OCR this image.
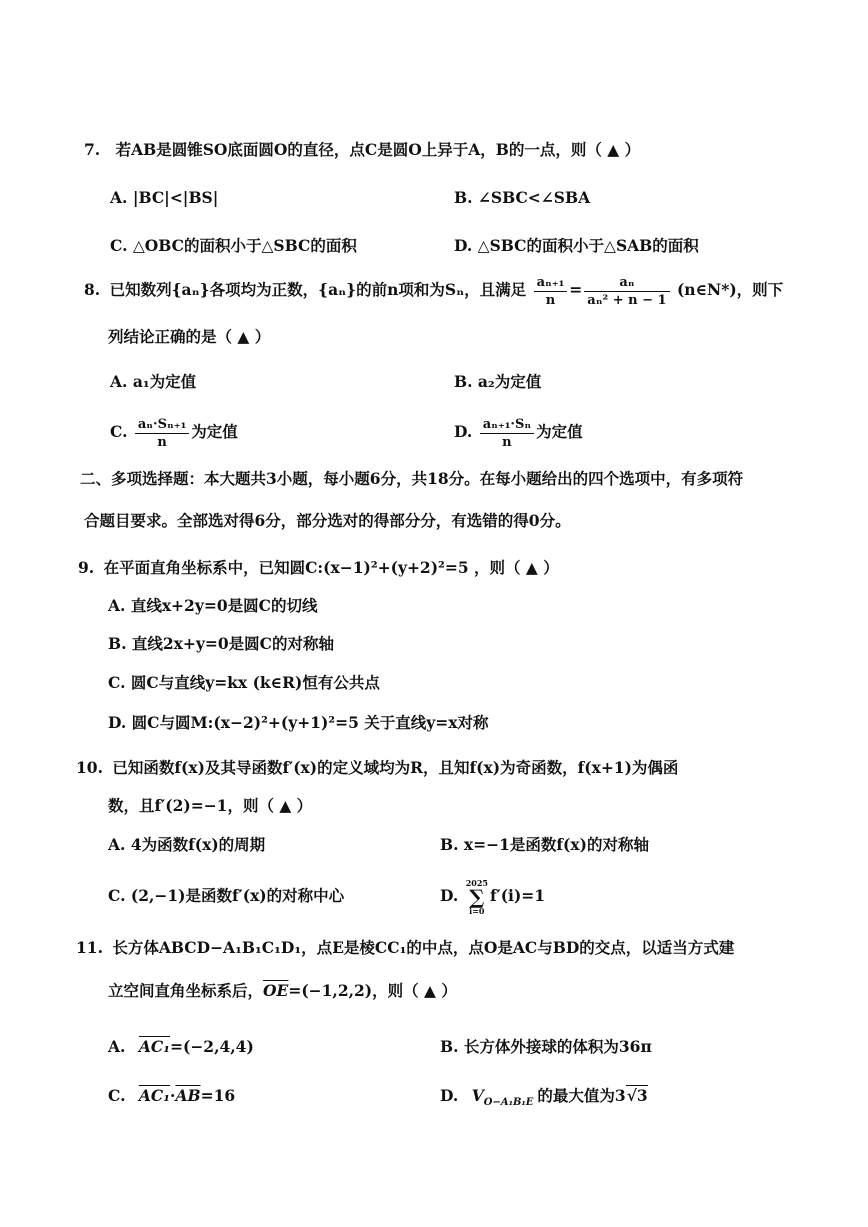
7. 若AB是圆锥SO底面圆O的直径，点C是圆O上异于A，B的一点，则（ ▲ ）
A. |BC|<|BS|	B. ∠SBC<∠SBA
C. △OBC的面积小于△SBC的面积	D. △SBC的面积小于△SAB的面积
8. 已知数列{aₙ}各项均为正数，{aₙ}的前n项和为Sₙ，且满足 $\frac{\text{aₙ₊₁}}{n} = \frac{\text{aₙ}}{\text{aₙ² + n − 1}}$ (n∈N*)，则下
列结论正确的是（ ▲ ）
A. a₁为定值	B. a₂为定值
C. $\frac{\text{aₙ·Sₙ₊₁}}{n}$ 为定值	D. $\frac{\text{aₙ₊₁·Sₙ}}{n}$ 为定值
二、多项选择题：本大题共3小题，每小题6分，共18分。在每小题给出的四个选项中，有多项符
合题目要求。全部选对得6分，部分选对的得部分分，有选错的得0分。
9. 在平面直角坐标系中，已知圆C:(x−1)²+(y+2)²=5 ，则（ ▲ ）
A. 直线x+2y=0是圆C的切线
B. 直线2x+y=0是圆C的对称轴
C. 圆C与直线y=kx (k∈R)恒有公共点
D. 圆C与圆M:(x−2)²+(y+1)²=5 关于直线y=x对称
10. 已知函数f(x)及其导函数f′(x)的定义域均为R，且知f(x)为奇函数，f(x+1)为偶函
数，且f′(2)=−1，则（ ▲ ）
A. 4为函数f(x)的周期	B. x=−1是函数f(x)的对称轴
C. (2,−1)是函数f′(x)的对称中心	D.
2025
∑
i=0
f′(i)=1
11. 长方体ABCD−A₁B₁C₁D₁，点E是棱CC₁的中点，点O是AC与BD的交点，以适当方式建
立空间直角坐标系后，$\overline{OE}=(-1,2,2)$，则（ ▲ ）
A. AC₁=(−2,4,4)	B. 长方体外接球的体积为36π
C. $AC_1\cdot\overline{AB}=16$	D. $V_{O-A_1B_1E}$ 的最大值为3√3
